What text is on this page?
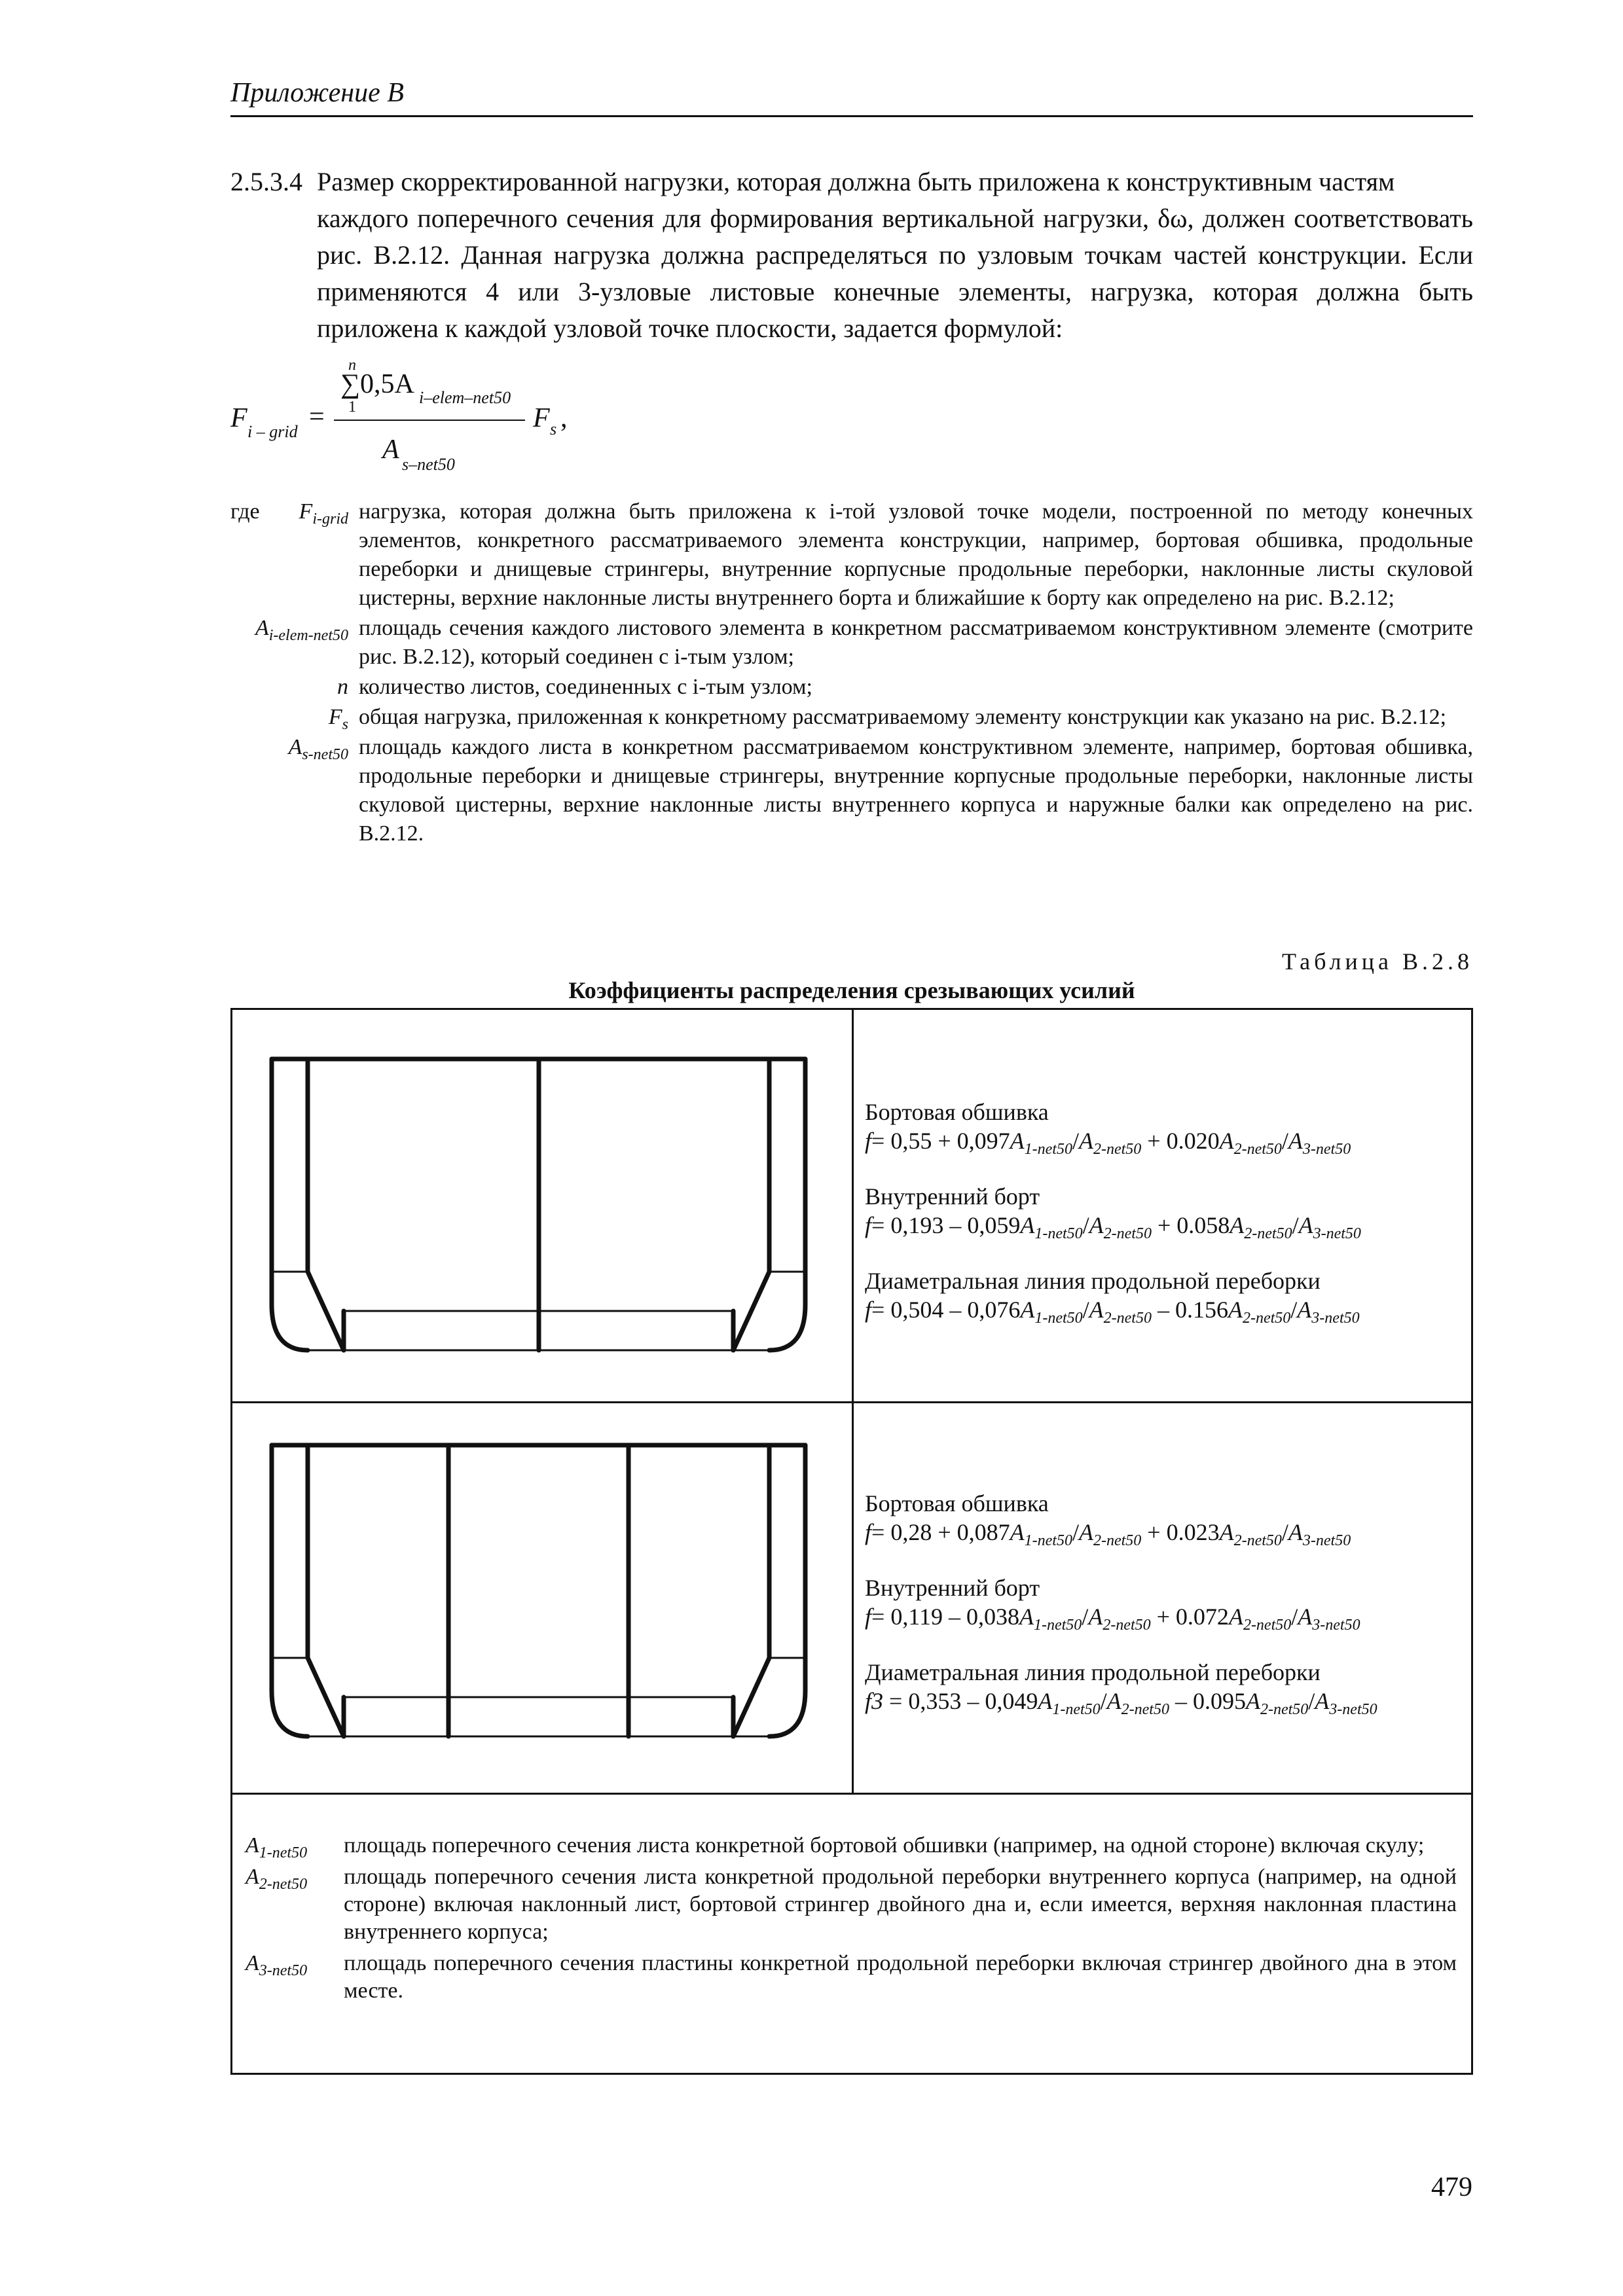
Приложение В
2.5.3.4 Размер скорректированной нагрузки, которая должна быть приложена к конструктивным частям
каждого поперечного сечения для формирования вертикальной нагрузки, δω, должен соответствовать рис. В.2.12. Данная нагрузка должна распределяться по узловым точкам частей конструкции. Если применяются 4 или 3-узловые листовые конечные элементы, нагрузка, которая должна быть приложена к каждой узловой точке плоскости, задается формулой:
F i – grid =
n
∑0,5A
1	i–elem–net50
A s–net50
F s ,
где	$F_{i-grid}$ нагрузка, которая должна быть приложена к i-той узловой точке модели, построенной по методу конечных элементов, конкретного рассматриваемого элемента конструкции, например, бортовая обшивка, продольные переборки и днищевые стрингеры, внутренние корпусные продольные переборки, наклонные листы скуловой цистерны, верхние наклонные листы внутреннего борта и ближайшие к борту как определено на рис. В.2.12;
$A_{i-elem-net50}$ площадь сечения каждого листового элемента в конкретном рассматриваемом конструктивном элементе (смотрите рис. В.2.12), который соединен с i-тым узлом;
n количество листов, соединенных с i-тым узлом;
$F_s$ общая нагрузка, приложенная к конкретному рассматриваемому элементу конструкции как указано на рис. В.2.12;
$A_{s-net50}$ площадь каждого листа в конкретном рассматриваемом конструктивном элементе, например, бортовая обшивка, продольные переборки и днищевые стрингеры, внутренние корпусные продольные переборки, наклонные листы скуловой цистерны, верхние наклонные листы внутреннего корпуса и наружные балки как определено на рис. В.2.12.
Таблица В.2.8
Коэффициенты распределения срезывающих усилий
Бортовая обшивка
$f= 0,55 + 0,097A_{1-net50}/A_{2-net50} + 0.020A_{2-net50}/A_{3-net50}$
Внутренний борт
$f= 0,193 - 0,059A_{1-net50}/A_{2-net50} + 0.058A_{2-net50}/A_{3-net50}$
Диаметральная линия продольной переборки
$f= 0,504 - 0,076A_{1-net50}/A_{2-net50} - 0.156A_{2-net50}/A_{3-net50}$
Бортовая обшивка
$f= 0,28 + 0,087A_{1-net50}/A_{2-net50} + 0.023A_{2-net50}/A_{3-net50}$
Внутренний борт
$f= 0,119 - 0,038A_{1-net50}/A_{2-net50} + 0.072A_{2-net50}/A_{3-net50}$
Диаметральная линия продольной переборки
$f3 = 0,353 - 0,049A_{1-net50}/A_{2-net50} - 0.095A_{2-net50}/A_{3-net50}$
$A_{1-net50}$	площадь поперечного сечения листа конкретной бортовой обшивки (например, на одной стороне) включая скулу;
$A_{2-net50}$	площадь поперечного сечения листа конкретной продольной переборки внутреннего корпуса (например, на одной стороне) включая наклонный лист, бортовой стрингер двойного дна и, если имеется, верхняя наклонная пластина внутреннего корпуса;
$A_{3-net50}$	площадь поперечного сечения пластины конкретной продольной переборки включая стрингер двойного дна в этом месте.
479
